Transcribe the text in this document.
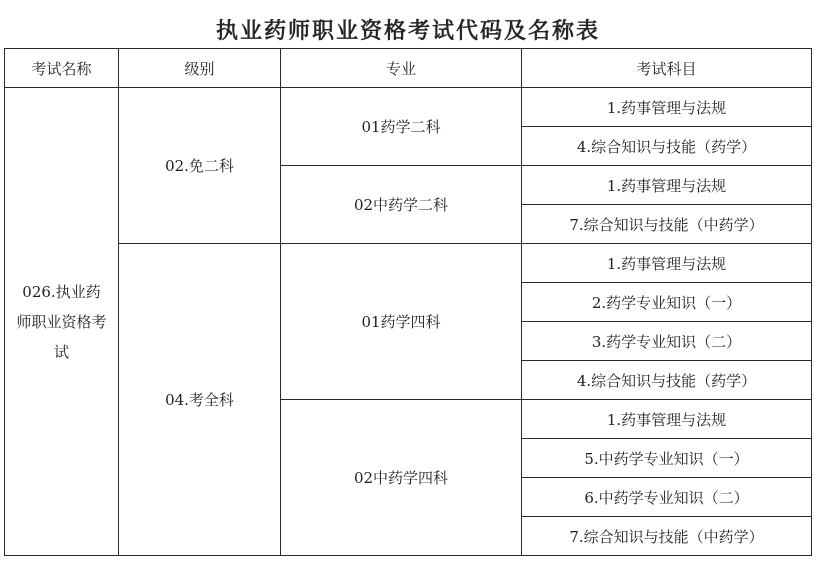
执业药师职业资格考试代码及名称表
考试名称	级别	专业	考试科目

026.执业药师职业资格考试	02.免二科	01药学二科	1.药事管理与法规
			4.综合知识与技能（药学）
		02中药学二科	1.药事管理与法规
			7.综合知识与技能（中药学）
	04.考全科	01药学四科	1.药事管理与法规
			2.药学专业知识（一）
			3.药学专业知识（二）
			4.综合知识与技能（药学）
		02中药学四科	1.药事管理与法规
			5.中药学专业知识（一）
			6.中药学专业知识（二）
			7.综合知识与技能（中药学）
